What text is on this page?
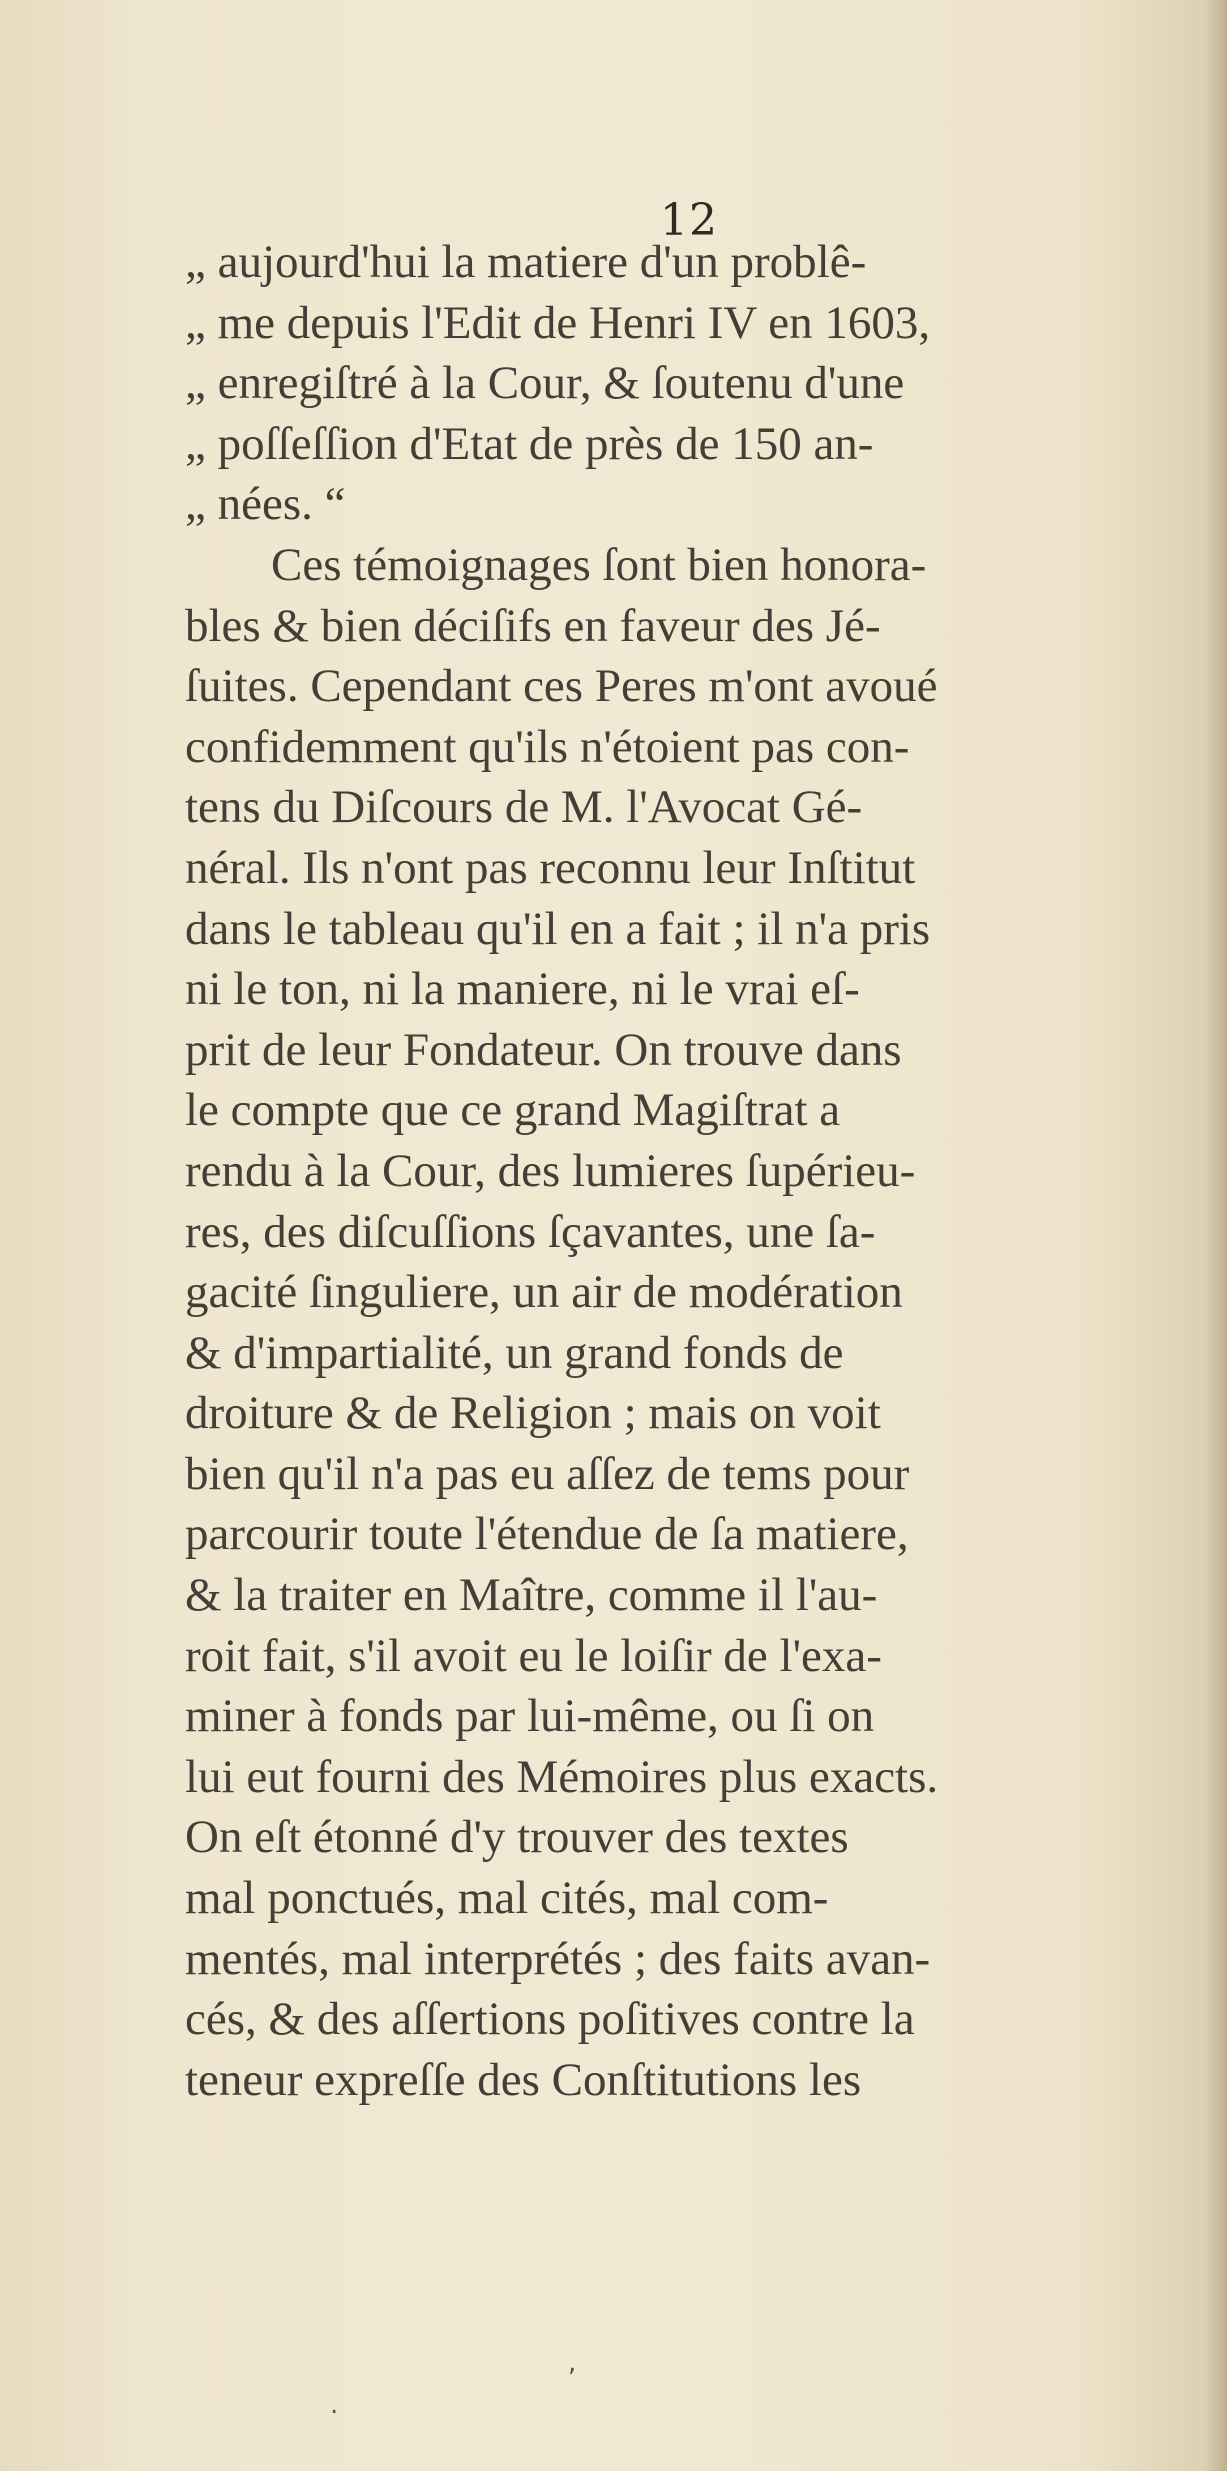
12
„ aujourd'hui la matiere d'un problê-
„ me depuis l'Edit de Henri IV en 1603,
„ enregiſtré à la Cour, & ſoutenu d'une
„ poſſeſſion d'Etat de près de 150 an-
„ nées. “
Ces témoignages ſont bien honora-
bles & bien déciſifs en faveur des Jé-
ſuites. Cependant ces Peres m'ont avoué
confidemment qu'ils n'étoient pas con-
tens du Diſcours de M. l'Avocat Gé-
néral. Ils n'ont pas reconnu leur Inſtitut
dans le tableau qu'il en a fait ; il n'a pris
ni le ton, ni la maniere, ni le vrai eſ-
prit de leur Fondateur. On trouve dans
le compte que ce grand Magiſtrat a
rendu à la Cour, des lumieres ſupérieu-
res, des diſcuſſions ſçavantes, une ſa-
gacité ſinguliere, un air de modération
& d'impartialité, un grand fonds de
droiture & de Religion ; mais on voit
bien qu'il n'a pas eu aſſez de tems pour
parcourir toute l'étendue de ſa matiere,
& la traiter en Maître, comme il l'au-
roit fait, s'il avoit eu le loiſir de l'exa-
miner à fonds par lui-même, ou ſi on
lui eut fourni des Mémoires plus exacts.
On eſt étonné d'y trouver des textes
mal ponctués, mal cités, mal com-
mentés, mal interprétés ; des faits avan-
cés, & des aſſertions poſitives contre la
teneur expreſſe des Conſtitutions les
,
.
